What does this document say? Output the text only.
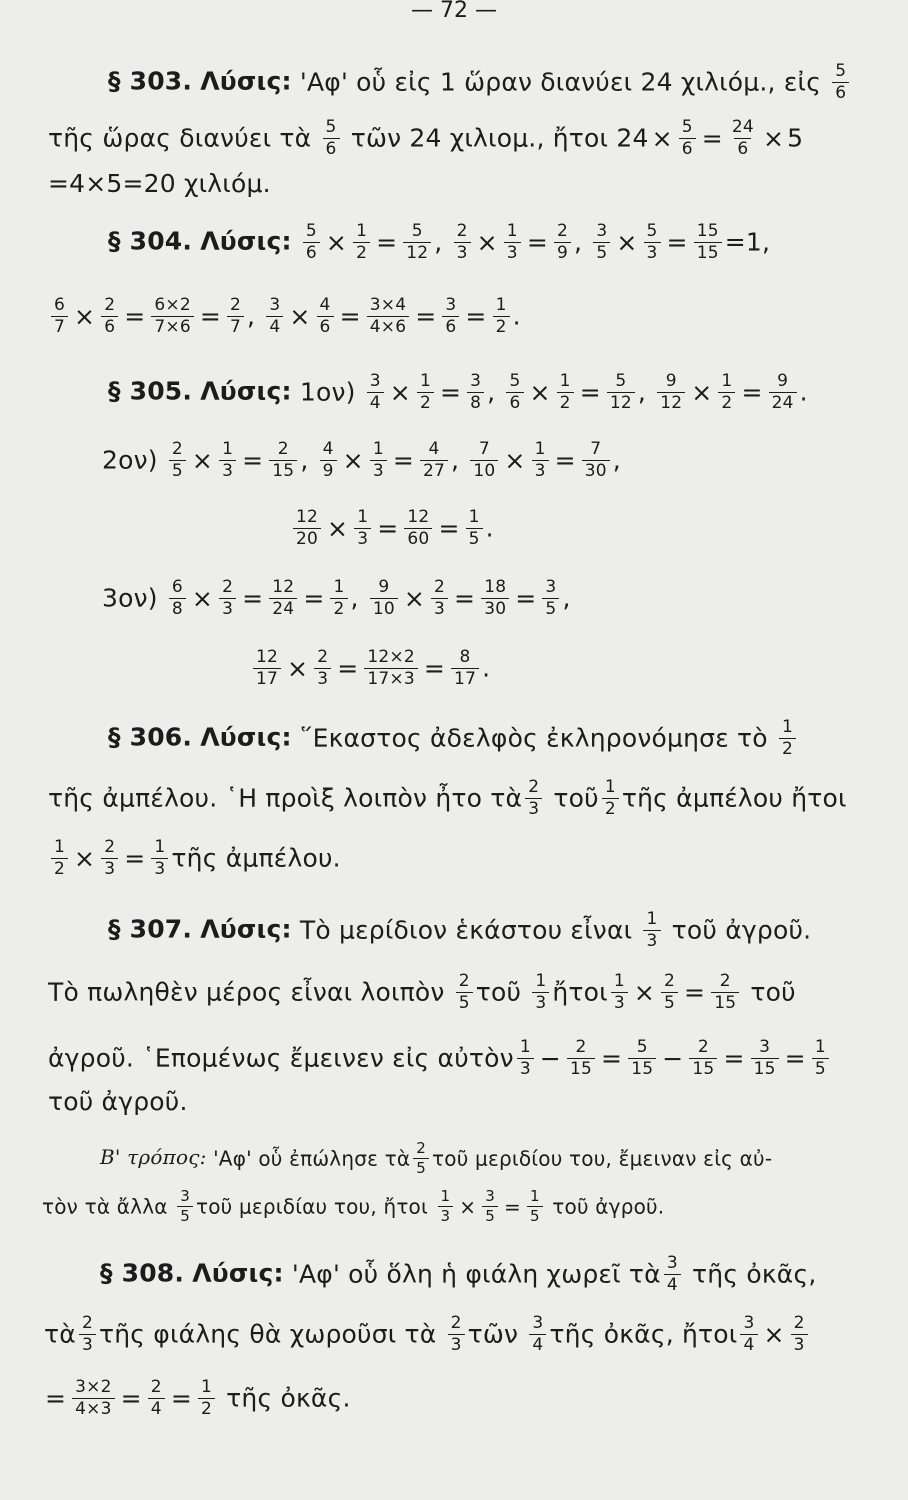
— 72 —
§ 303. Λύσις: 'Αφ' οὗ εἰς 1 ὥραν διανύει 24 χιλιόμ., εἰς $\frac{5}{6}$
τῆς ὥρας διανύει τὰ $\frac{5}{6}$ τῶν 24 χιλιομ., ἤτοι $24 \times \frac{5}{6} = \frac{24}{6} \times 5$
=4×5=20 χιλιόμ.
§ 304. Λύσις: $\frac{5}{6} \times \frac{1}{2} = \frac{5}{12}$ , $\frac{2}{3} \times \frac{1}{3} = \frac{2}{9}$ , $\frac{3}{5} \times \frac{5}{3} = \frac{15}{15} =1$,
$\frac{6}{7} \times \frac{2}{6} = \frac{6\times 2}{7\times 6} = \frac{2}{7}$ , $\frac{3}{4} \times \frac{4}{6} = \frac{3\times 4}{4\times 6} = \frac{3}{6} = \frac{1}{2}$ .
§ 305. Λύσις: $1o\nu) \frac{3}{4} \times \frac{1}{2} = \frac{3}{8}$ , $\frac{5}{6} \times \frac{1}{2} = \frac{5}{12}$ , $\frac{9}{12} \times \frac{1}{2} = \frac{9}{24}$ .
$2o\nu) \frac{2}{5} \times \frac{1}{3} = \frac{2}{15}$ , $\frac{4}{9} \times \frac{1}{3} = \frac{4}{27}$ , $\frac{7}{10} \times \frac{1}{3} = \frac{7}{30}$ ,
$\frac{12}{20} \times \frac{1}{3} = \frac{12}{60} = \frac{1}{5}$ .
$3o\nu) \frac{6}{8} \times \frac{2}{3} = \frac{12}{24} = \frac{1}{2}$ , $\frac{9}{10} \times \frac{2}{3} = \frac{18}{30} = \frac{3}{5}$ ,
$\frac{12}{17} \times \frac{2}{3} = \frac{12\times 2}{17\times 3} = \frac{8}{17}$ .
§ 306. Λύσις: ῞Εκαστος ἀδελφὸς ἐκληρονόμησε τὸ $\frac{1}{2}$
τῆς ἀμπέλου. ῾Η προὶξ λοιπὸν ἦτο τὰ $\frac{2}{3}$ τοῦ $\frac{1}{2}$ τῆς ἀμπέλου ἤτοι
$\frac{1}{2} \times \frac{2}{3} = \frac{1}{3}$ τῆς ἀμπέλου.
§ 307. Λύσις: Τὸ μερίδιον ἑκάστου εἶναι $\frac{1}{3}$ τοῦ ἀγροῦ.
Τὸ πωληθὲν μέρος εἶναι λοιπὸν $\frac{2}{5}$ τοῦ $\frac{1}{3}$ ἤτοι $\frac{1}{3} \times \frac{2}{5} = \frac{2}{15}$ τοῦ
ἀγροῦ. ῾Επομένως ἔμεινεν εἰς αὐτὸν $\frac{1}{3} - \frac{2}{15} = \frac{5}{15} - \frac{2}{15} = \frac{3}{15} = \frac{1}{5}$
τοῦ ἀγροῦ.
Β' τρόπος: 'Αφ' οὗ ἐπώλησε τὰ $\frac{2}{5}$ τοῦ μεριδίου του, ἔμειναν εἰς αὐ-
τὸν τὰ ἄλλα $\frac{3}{5}$ τοῦ μεριδίαυ του, ἤτοι $\frac{1}{3} \times \frac{3}{5} = \frac{1}{5}$ τοῦ ἀγροῦ.
§ 308. Λύσις: 'Αφ' οὗ ὅλη ἡ φιάλη χωρεῖ τὰ $\frac{3}{4}$ τῆς ὀκᾶς,
τὰ $\frac{2}{3}$ τῆς φιάλης θὰ χωροῦσι τὰ $\frac{2}{3}$ τῶν $\frac{3}{4}$ τῆς ὀκᾶς, ἤτοι $\frac{3}{4} \times \frac{2}{3}$
= $\frac{3\times 2}{4\times 3} = \frac{2}{4} = \frac{1}{2}$ τῆς ὀκᾶς.
